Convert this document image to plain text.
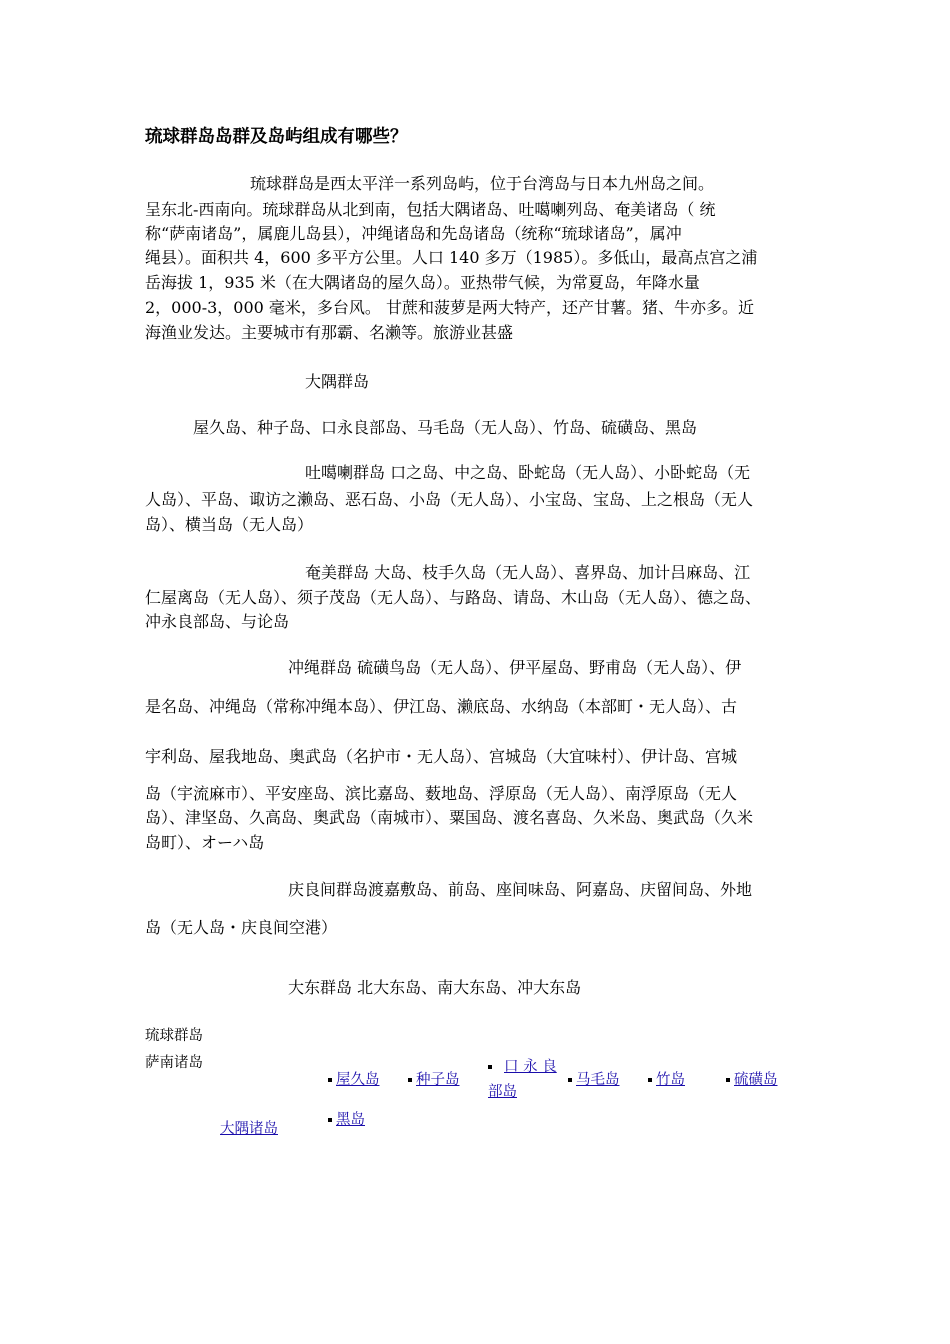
琉球群岛岛群及岛屿组成有哪些？
琉球群岛是西太平洋一系列岛屿，位于台湾岛与日本九州岛之间。
呈东北-西南向。琉球群岛从北到南，包括大隅诸岛、吐噶喇列岛、奄美诸岛（ 统
称“萨南诸岛”，属鹿儿岛县），冲绳诸岛和先岛诸岛（统称“琉球诸岛”，属冲
绳县）。面积共 4，600 多平方公里。人口 140 多万（1985）。多低山，最高点宫之浦
岳海拔 1，935 米（在大隅诸岛的屋久岛）。亚热带气候，为常夏岛，年降水量
2，000-3，000 毫米，多台风。 甘蔗和菠萝是两大特产，还产甘薯。猪、牛亦多。近
海渔业发达。主要城市有那霸、名濑等。旅游业甚盛
大隅群岛
屋久岛、种子岛、口永良部岛、马毛岛（无人岛）、竹岛、硫磺岛、黑岛
吐噶喇群岛 口之岛、中之岛、卧蛇岛（无人岛）、小卧蛇岛（无
人岛）、平岛、诹访之濑岛、恶石岛、小岛（无人岛）、小宝岛、宝岛、上之根岛（无人
岛）、横当岛（无人岛）
奄美群岛 大岛、枝手久岛（无人岛）、喜界岛、加计吕麻岛、江
仁屋离岛（无人岛）、须子茂岛（无人岛）、与路岛、请岛、木山岛（无人岛）、德之岛、
冲永良部岛、与论岛
冲绳群岛 硫磺鸟岛（无人岛）、伊平屋岛、野甫岛（无人岛）、伊
是名岛、冲绳岛（常称冲绳本岛）、伊江岛、濑底岛、水纳岛（本部町・无人岛）、古
宇利岛、屋我地岛、奥武岛（名护市・无人岛）、宫城岛（大宜味村）、伊计岛、宫城
岛（宇流麻市）、平安座岛、滨比嘉岛、薮地岛、浮原岛（无人岛）、南浮原岛（无人
岛）、津坚岛、久高岛、奥武岛（南城市）、粟国岛、渡名喜岛、久米岛、奥武岛（久米
岛町）、オーハ岛
庆良间群岛渡嘉敷岛、前岛、座间味岛、阿嘉岛、庆留间岛、外地
岛（无人岛・庆良间空港）
大东群岛 北大东岛、南大东岛、冲大东岛
琉球群岛
萨南诸岛
大隅诸岛
屋久岛	种子岛
口 永 良
部岛
马毛岛	竹岛	硫磺岛
黑岛
